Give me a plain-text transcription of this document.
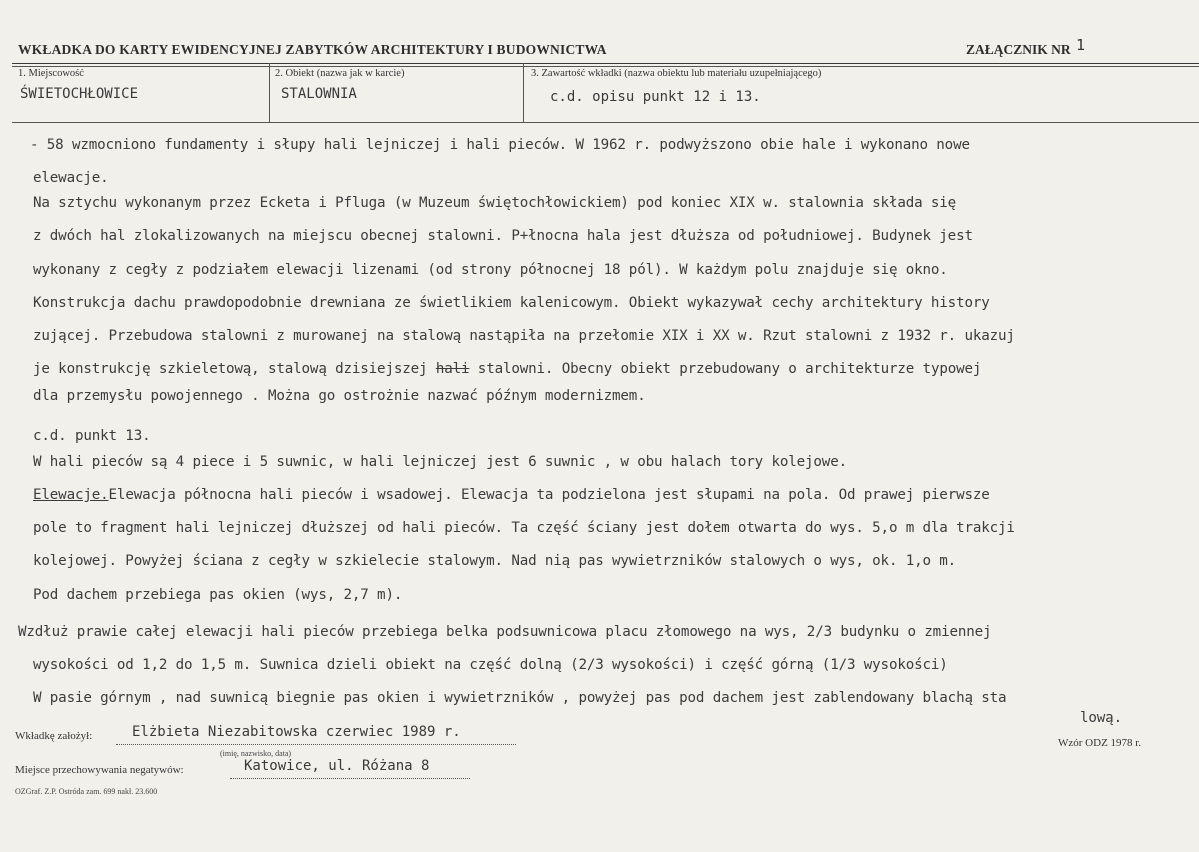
WKŁADKA DO KARTY EWIDENCYJNEJ ZABYTKÓW ARCHITEKTURY I BUDOWNICTWA	ZAŁĄCZNIK NR 1
1. Miejscowość
ŚWIETOCHŁOWICE
2. Obiekt (nazwa jak w karcie)
STALOWNIA
3. Zawartość wkładki (nazwa obiektu lub materiału uzupełniającego)
c.d. opisu punkt 12 i 13.
- 58 wzmocniono fundamenty i słupy hali lejniczej i hali pieców. W 1962 r. podwyższono obie hale i wykonano nowe
elewacje.
Na sztychu wykonanym przez Ecketa i Pfluga (w Muzeum świętochłowickiem) pod koniec XIX w. stalownia składa się
z dwóch hal zlokalizowanych na miejscu obecnej stalowni. P+łnocna hala jest dłuższa od południowej. Budynek jest
wykonany z cegły z podziałem elewacji lizenami (od strony północnej 18 pól). W każdym polu znajduje się okno.
Konstrukcja dachu prawdopodobnie drewniana ze świetlikiem kalenicowym. Obiekt wykazywał cechy architektury history
zującej. Przebudowa stalowni z murowanej na stalową nastąpiła na przełomie XIX i XX w. Rzut stalowni z 1932 r. ukazuj
je konstrukcję szkieletową, stalową dzisiejszej hali stalowni. Obecny obiekt przebudowany o architekturze typowej
dla przemysłu powojennego . Można go ostrożnie nazwać późnym modernizmem.
c.d. punkt 13.
W hali pieców są 4 piece i 5 suwnic, w hali lejniczej jest 6 suwnic , w obu halach tory kolejowe.
Elewacje.Elewacja północna hali pieców i wsadowej. Elewacja ta podzielona jest słupami na pola. Od prawej pierwsze
pole to fragment hali lejniczej dłuższej od hali pieców. Ta część ściany jest dołem otwarta do wys. 5,o m dla trakcji
kolejowej. Powyżej ściana z cegły w szkielecie stalowym. Nad nią pas wywietrzników stalowych o wys, ok. 1,o m.
Pod dachem przebiega pas okien (wys, 2,7 m).
Wzdłuż prawie całej elewacji hali pieców przebiega belka podsuwnicowa placu złomowego na wys, 2/3 budynku o zmiennej
wysokości od 1,2 do 1,5 m. Suwnica dzieli obiekt na część dolną (2/3 wysokości) i część górną (1/3 wysokości)
W pasie górnym , nad suwnicą biegnie pas okien i wywietrzników , powyżej pas pod dachem jest zablendowany blachą sta
lową.
Wkładkę założył:	Elżbieta Niezabitowska czerwiec 1989 r.
(imię, nazwisko, data)
Wzór ODZ 1978 r.
Miejsce przechowywania negatywów:	Katowice, ul. Różana 8
OZGraf. Z.P. Ostróda zam. 699 nakł. 23.600
